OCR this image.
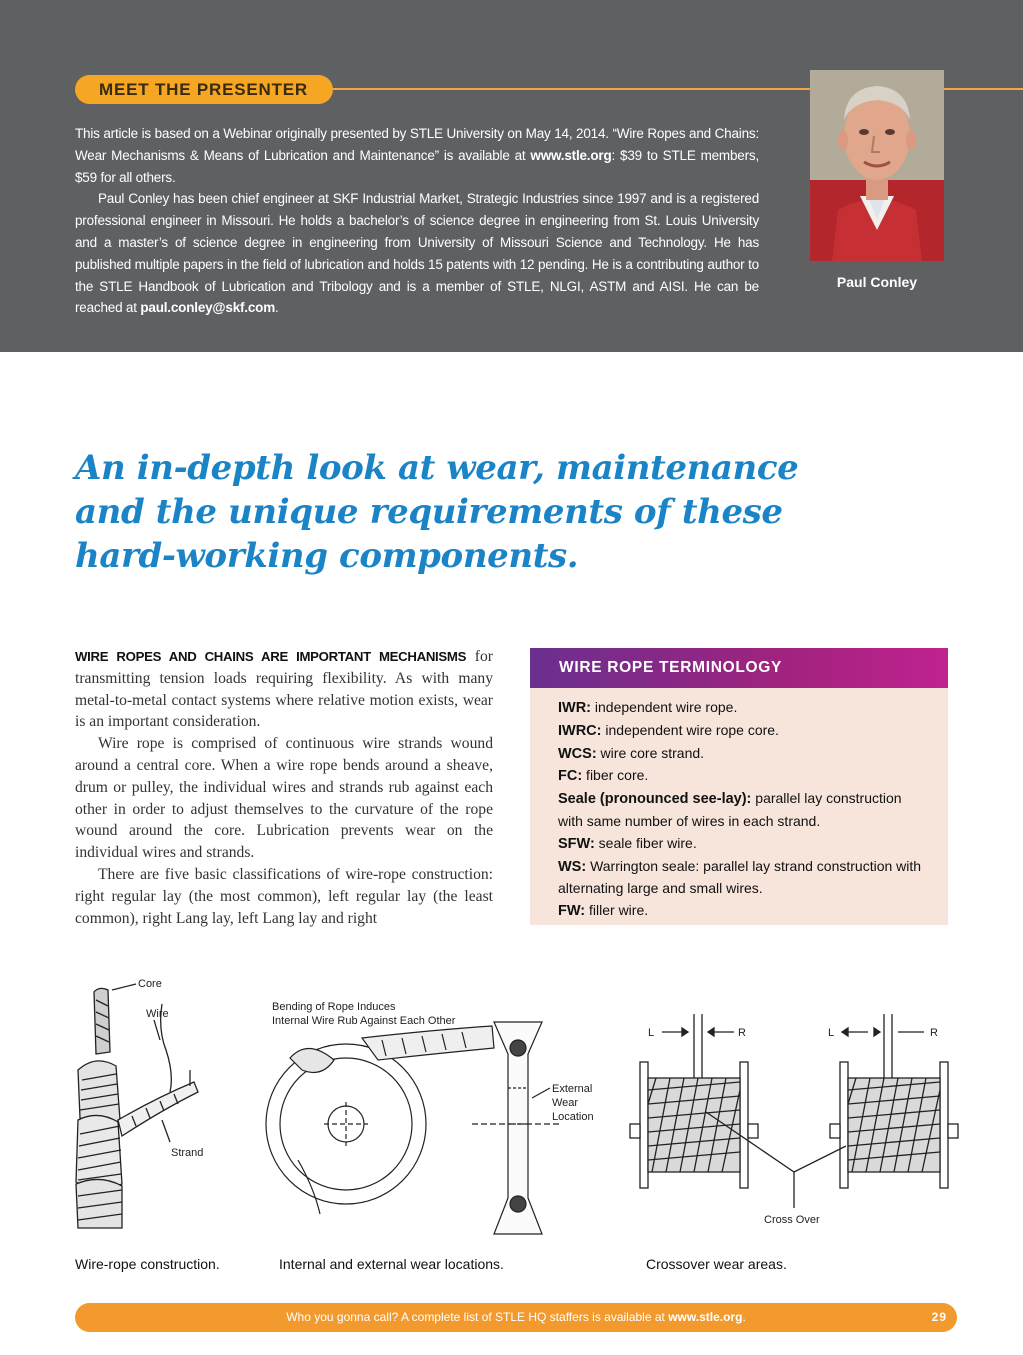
MEET THE PRESENTER

This article is based on a Webinar originally presented by STLE University on May 14, 2014. “Wire Ropes and Chains: Wear Mechanisms & Means of Lubrication and Maintenance” is available at www.stle.org: $39 to STLE members, $59 for all others.

Paul Conley has been chief engineer at SKF Industrial Market, Strategic Industries since 1997 and is a registered professional engineer in Missouri. He holds a bachelor’s of science degree in engineering from St. Louis University and a master’s of science degree in engineering from University of Missouri Science and Technology. He has published multiple papers in the field of lubrication and holds 15 patents with 12 pending. He is a contributing author to the STLE Handbook of Lubrication and Tribology and is a member of STLE, NLGI, ASTM and AISI. He can be reached at paul.conley@skf.com.

Paul Conley
An in-depth look at wear, maintenance
and the unique requirements of these
hard-working components.

WIRE ROPES AND CHAINS ARE IMPORTANT MECHANISMS for transmitting tension loads requiring flexibility. As with many metal-to-metal contact systems where relative motion exists, wear is an important consideration.

Wire rope is comprised of continuous wire strands wound around a central core. When a wire rope bends around a sheave, drum or pulley, the individual wires and strands rub against each other in order to adjust themselves to the curvature of the rope wound around the core. Lubrication prevents wear on the individual wires and strands.

There are five basic classifications of wire-rope construction: right regular lay (the most common), left regular lay (the least common), right Lang lay, left Lang lay and right

WIRE ROPE TERMINOLOGY
IWR: independent wire rope.
IWRC: independent wire rope core.
WCS: wire core strand.
FC: fiber core.
Seale (pronounced see-lay): parallel lay construction with same number of wires in each strand.
SFW: seale fiber wire.
WS: Warrington seale: parallel lay strand construction with alternating large and small wires.
FW: filler wire.
Core
Wire
Strand
Wire-rope construction.
Bending of Rope Induces
Internal Wire Rub Against Each Other
External
Wear
Location
Internal and external wear locations.
L	R	L	R
Cross Over
Crossover wear areas.
Who you gonna call? A complete list of STLE HQ staffers is available at www.stle.org.	29
